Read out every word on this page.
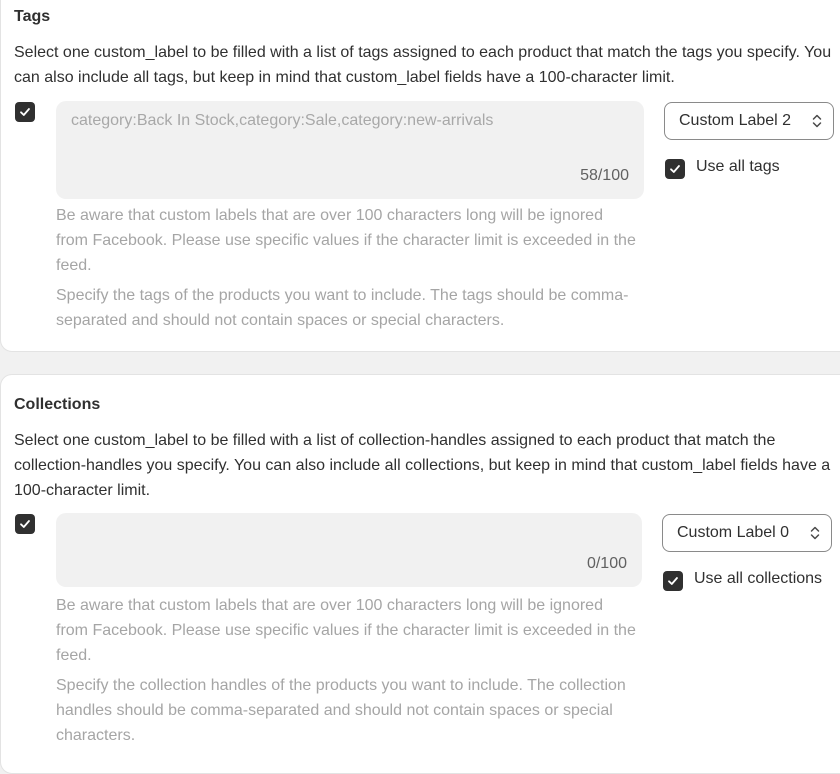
Tags

Select one custom_label to be filled with a list of tags assigned to each product that match the tags you specify. You can also include all tags, but keep in mind that custom_label fields have a 100-character limit.

category:Back In Stock,category:Sale,category:new-arrivals
58/100

Be aware that custom labels that are over 100 characters long will be ignored from Facebook. Please use specific values if the character limit is exceeded in the feed.

Specify the tags of the products you want to include. The tags should be comma-separated and should not contain spaces or special characters.

Custom Label 2
Use all tags
Collections

Select one custom_label to be filled with a list of collection-handles assigned to each product that match the collection-handles you specify. You can also include all collections, but keep in mind that custom_label fields have a 100-character limit.

0/100

Be aware that custom labels that are over 100 characters long will be ignored from Facebook. Please use specific values if the character limit is exceeded in the feed.

Specify the collection handles of the products you want to include. The collection handles should be comma-separated and should not contain spaces or special characters.

Custom Label 0
Use all collections
